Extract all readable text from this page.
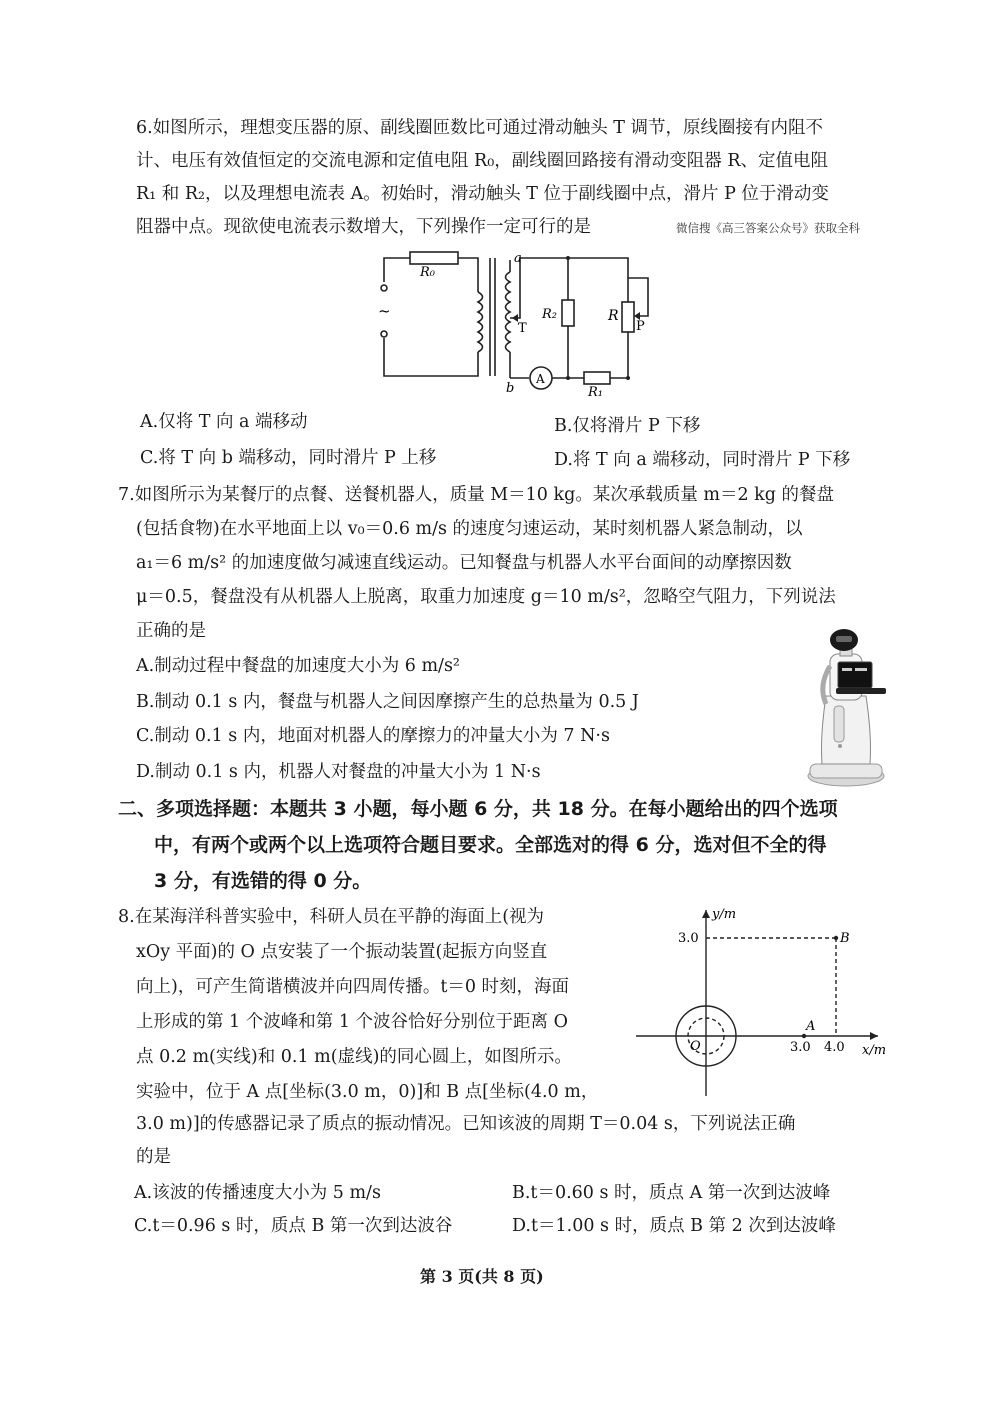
6.如图所示，理想变压器的原、副线圈匝数比可通过滑动触头 T 调节，原线圈接有内阻不
计、电压有效值恒定的交流电源和定值电阻 R₀，副线圈回路接有滑动变阻器 R、定值电阻
R₁ 和 R₂，以及理想电流表 A。初始时，滑动触头 T 位于副线圈中点，滑片 P 位于滑动变
阻器中点。现欲使电流表示数增大，下列操作一定可行的是	微信搜《高三答案公众号》获取全科
R₀
~
a
b
T
R₂	R
P
A
R₁
A.仅将 T 向 a 端移动	B.仅将滑片 P 下移
C.将 T 向 b 端移动，同时滑片 P 上移	D.将 T 向 a 端移动，同时滑片 P 下移
7.如图所示为某餐厅的点餐、送餐机器人，质量 M＝10 kg。某次承载质量 m＝2 kg 的餐盘
(包括食物)在水平地面上以 v₀＝0.6 m/s 的速度匀速运动，某时刻机器人紧急制动，以
a₁＝6 m/s² 的加速度做匀减速直线运动。已知餐盘与机器人水平台面间的动摩擦因数
μ＝0.5，餐盘没有从机器人上脱离，取重力加速度 g＝10 m/s²，忽略空气阻力，下列说法
正确的是
A.制动过程中餐盘的加速度大小为 6 m/s²
B.制动 0.1 s 内，餐盘与机器人之间因摩擦产生的总热量为 0.5 J
C.制动 0.1 s 内，地面对机器人的摩擦力的冲量大小为 7 N·s
D.制动 0.1 s 内，机器人对餐盘的冲量大小为 1 N·s
二、多项选择题：本题共 3 小题，每小题 6 分，共 18 分。在每小题给出的四个选项
中，有两个或两个以上选项符合题目要求。全部选对的得 6 分，选对但不全的得
3 分，有选错的得 0 分。
8.在某海洋科普实验中，科研人员在平静的海面上(视为
xOy 平面)的 O 点安装了一个振动装置(起振方向竖直
向上)，可产生简谐横波并向四周传播。t＝0 时刻，海面
上形成的第 1 个波峰和第 1 个波谷恰好分别位于距离 O
点 0.2 m(实线)和 0.1 m(虚线)的同心圆上，如图所示。
实验中，位于 A 点[坐标(3.0 m，0)]和 B 点[坐标(4.0 m，
3.0 m)]的传感器记录了质点的振动情况。已知该波的周期 T＝0.04 s，下列说法正确
的是
y/m
x/m
3.0
3.0 4.0
A
B
O
A.该波的传播速度大小为 5 m/s	B.t＝0.60 s 时，质点 A 第一次到达波峰
C.t＝0.96 s 时，质点 B 第一次到达波谷	D.t＝1.00 s 时，质点 B 第 2 次到达波峰
第 3 页(共 8 页)
